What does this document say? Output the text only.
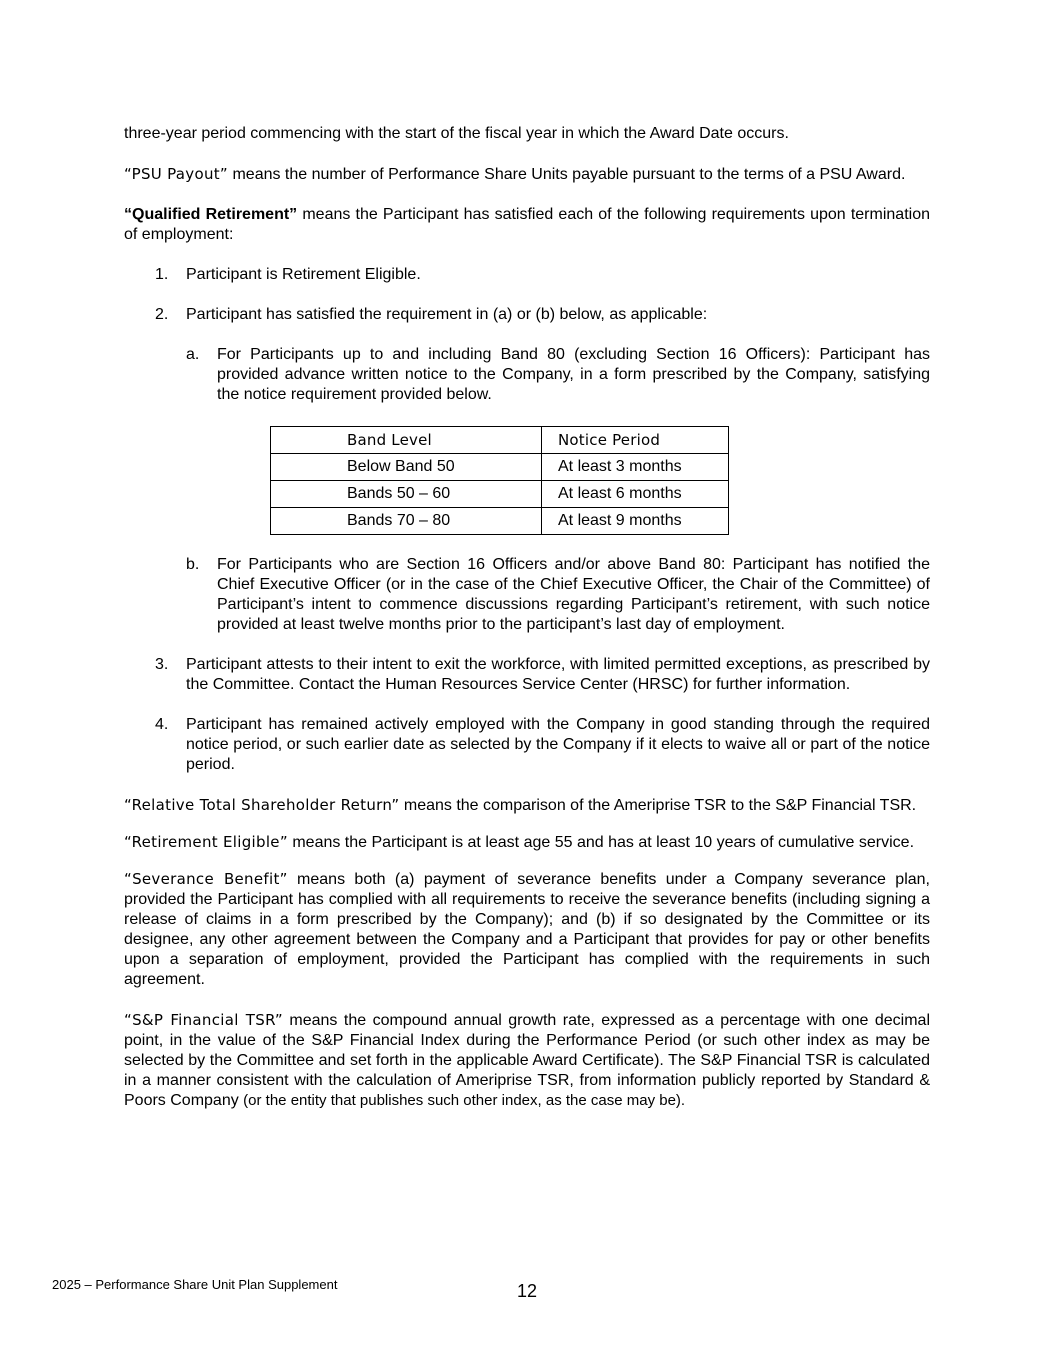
three-year period commencing with the start of the fiscal year in which the Award Date occurs.

“PSU Payout” means the number of Performance Share Units payable pursuant to the terms of a PSU Award.

“Qualified Retirement” means the Participant has satisfied each of the following requirements upon termination of employment:

1.	Participant is Retirement Eligible.
2.	Participant has satisfied the requirement in (a) or (b) below, as applicable:
a.	For Participants up to and including Band 80 (excluding Section 16 Officers): Participant has provided advance written notice to the Company, in a form prescribed by the Company, satisfying the notice requirement provided below.
Band Level	Notice Period
Below Band 50	At least 3 months
Bands 50 – 60	At least 6 months
Bands 70 – 80	At least 9 months
b.	For Participants who are Section 16 Officers and/or above Band 80: Participant has notified the Chief Executive Officer (or in the case of the Chief Executive Officer, the Chair of the Committee) of Participant’s intent to commence discussions regarding Participant’s retirement, with such notice provided at least twelve months prior to the participant’s last day of employment.
3.	Participant attests to their intent to exit the workforce, with limited permitted exceptions, as prescribed by the Committee. Contact the Human Resources Service Center (HRSC) for further information.
4.	Participant has remained actively employed with the Company in good standing through the required notice period, or such earlier date as selected by the Company if it elects to waive all or part of the notice period.

“Relative Total Shareholder Return” means the comparison of the Ameriprise TSR to the S&P Financial TSR.

“Retirement Eligible” means the Participant is at least age 55 and has at least 10 years of cumulative service.

“Severance Benefit” means both (a) payment of severance benefits under a Company severance plan, provided the Participant has complied with all requirements to receive the severance benefits (including signing a release of claims in a form prescribed by the Company); and (b) if so designated by the Committee or its designee, any other agreement between the Company and a Participant that provides for pay or other benefits upon a separation of employment, provided the Participant has complied with the requirements in such agreement.

“S&P Financial TSR” means the compound annual growth rate, expressed as a percentage with one decimal point, in the value of the S&P Financial Index during the Performance Period (or such other index as may be selected by the Committee and set forth in the applicable Award Certificate). The S&P Financial TSR is calculated in a manner consistent with the calculation of Ameriprise TSR, from information publicly reported by Standard & Poors Company (or the entity that publishes such other index, as the case may be).

2025 – Performance Share Unit Plan Supplement	12
